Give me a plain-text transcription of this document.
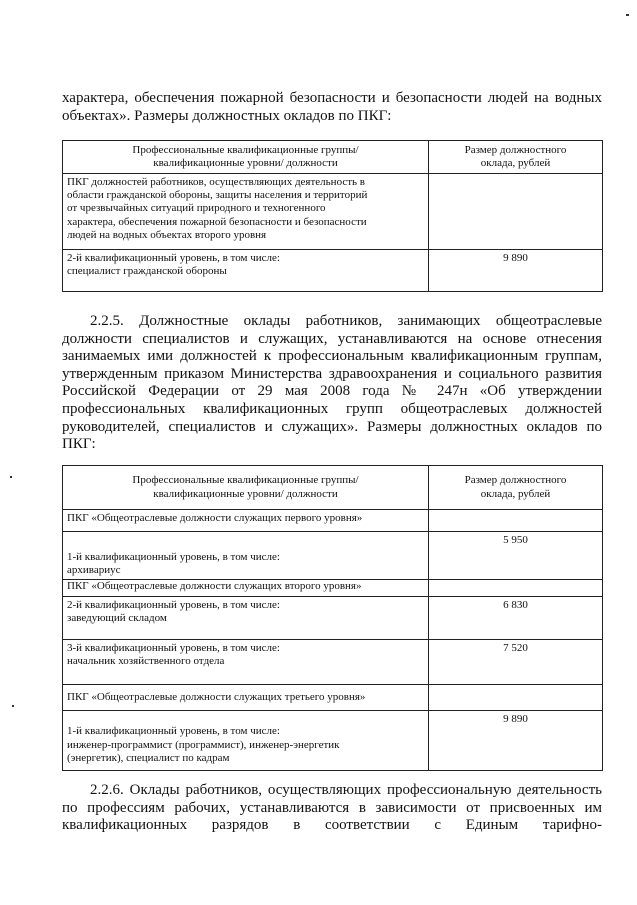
характера, обеспечения пожарной безопасности и безопасности людей на водных
объектах». Размеры должностных окладов по ПКГ:

Профессиональные квалификационные группы/
квалификационные уровни/ должности	Размер должностного
оклада, рублей

ПКГ должностей работников, осуществляющих деятельность в
области гражданской обороны, защиты населения и территорий
от чрезвычайных ситуаций природного и техногенного
характера, обеспечения пожарной безопасности и безопасности
людей на водных объектах второго уровня	

2-й квалификационный уровень, в том числе:
специалист гражданской обороны	9 890

2.2.5. Должностные оклады работников, занимающих общеотраслевые
должности специалистов и служащих, устанавливаются на основе отнесения
занимаемых ими должностей к профессиональным квалификационным группам,
утвержденным приказом Министерства здравоохранения и социального развития
Российской Федерации от 29 мая 2008 года № 247н «Об утверждении
профессиональных квалификационных групп общеотраслевых должностей
руководителей, специалистов и служащих». Размеры должностных окладов по
ПКГ:

Профессиональные квалификационные группы/
квалификационные уровни/ должности	Размер должностного
оклада, рублей

ПКГ «Общеотраслевые должности служащих первого уровня»	

1-й квалификационный уровень, в том числе:
архивариус	5 950
ПКГ «Общеотраслевые должности служащих второго уровня»	

2-й квалификационный уровень, в том числе:
заведующий складом	6 830

3-й квалификационный уровень, в том числе:
начальник хозяйственного отдела	7 520
ПКГ «Общеотраслевые должности служащих третьего уровня»	

1-й квалификационный уровень, в том числе:
инженер-программист (программист), инженер-энергетик
(энергетик), специалист по кадрам	9 890

2.2.6. Оклады работников, осуществляющих профессиональную деятельность
по профессиям рабочих, устанавливаются в зависимости от присвоенных им
квалификационных разрядов в соответствии с Единым тарифно-
